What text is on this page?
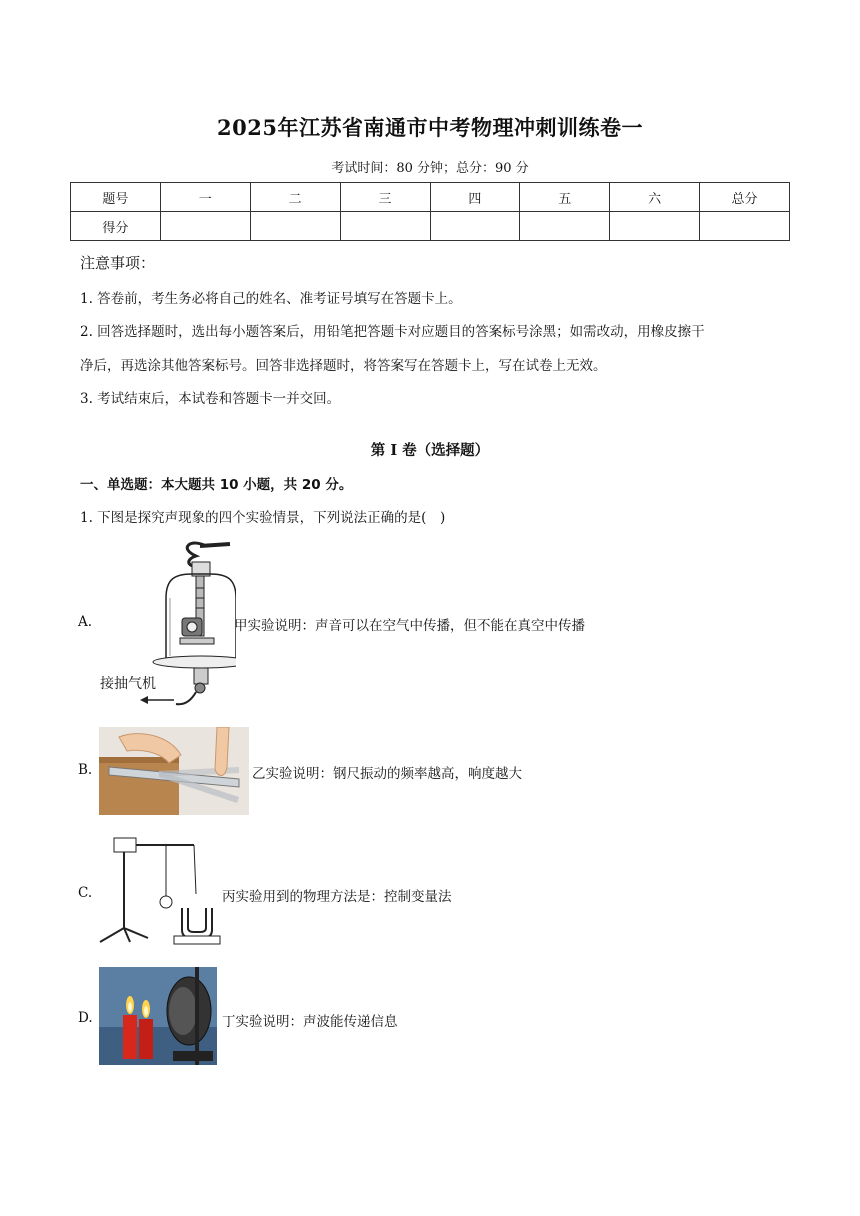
2025年江苏省南通市中考物理冲刺训练卷一
考试时间：80 分钟；总分：90 分
题号	一	二	三	四	五	六	总分
得分							
注意事项：
1. 答卷前，考生务必将自己的姓名、准考证号填写在答题卡上。
2. 回答选择题时，选出每小题答案后，用铅笔把答题卡对应题目的答案标号涂黑；如需改动，用橡皮擦干
净后，再选涂其他答案标号。回答非选择题时，将答案写在答题卡上，写在试卷上无效。
3. 考试结束后，本试卷和答题卡一并交回。
第 I 卷（选择题）
一、单选题：本大题共 10 小题，共 20 分。
1. 下图是探究声现象的四个实验情景，下列说法正确的是(　)
A.
接抽气机
甲实验说明：声音可以在空气中传播，但不能在真空中传播
B.	乙实验说明：钢尺振动的频率越高，响度越大
C.	丙实验用到的物理方法是：控制变量法
D.	丁实验说明：声波能传递信息
